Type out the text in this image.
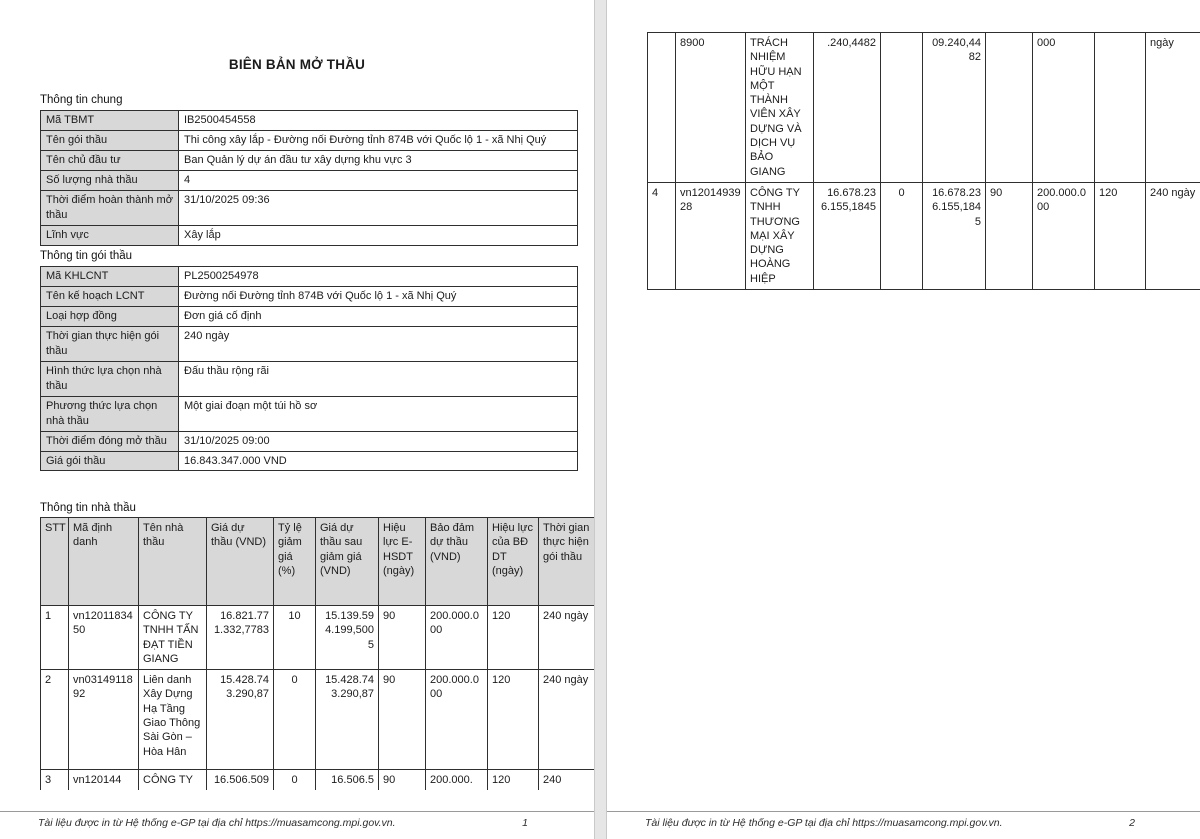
BIÊN BẢN MỞ THẦU
Thông tin chung
Mã TBMT	IB2500454558
Tên gói thầu	Thi công xây lắp - Đường nối Đường tỉnh 874B với Quốc lộ 1 - xã Nhị Quý
Tên chủ đầu tư	Ban Quản lý dự án đầu tư xây dựng khu vực 3
Số lượng nhà thầu	4
Thời điểm hoàn thành mở thầu	31/10/2025 09:36
Lĩnh vực	Xây lắp
Thông tin gói thầu
Mã KHLCNT	PL2500254978
Tên kế hoạch LCNT	Đường nối Đường tỉnh 874B với Quốc lộ 1 - xã Nhị Quý
Loại hợp đồng	Đơn giá cố định
Thời gian thực hiện gói thầu	240 ngày
Hình thức lựa chọn nhà thầu	Đấu thầu rộng rãi
Phương thức lựa chọn nhà thầu	Một giai đoạn một túi hồ sơ
Thời điểm đóng mở thầu	31/10/2025 09:00
Giá gói thầu	16.843.347.000 VND
Thông tin nhà thầu
STT	Mã định danh	Tên nhà thầu	Giá dự thầu (VND)	Tỷ lệ giảm giá (%)	Giá dự thầu sau giảm giá (VND)	Hiệu lực E-HSDT (ngày)	Bảo đảm dự thầu (VND)	Hiệu lực của BĐ DT (ngày)	Thời gian thực hiện gói thầu
1	vn1201183450	CÔNG TY TNHH TẤN ĐẠT TIỀN GIANG	16.821.771.332,7783	10	15.139.594.199,5005	90	200.000.000	120	240 ngày
2	vn0314911892	Liên danh Xây Dựng Hạ Tầng Giao Thông Sài Gòn – Hòa Hân	15.428.743.290,87	0	15.428.743.290,87	90	200.000.000	120	240 ngày
3	vn120144	CÔNG TY	16.506.509	0	16.506.5	90	200.000.	120	240
Tài liệu được in từ Hệ thống e-GP tại địa chỉ https://muasamcong.mpi.gov.vn.	1
	8900	TRÁCH NHIỆM HỮU HẠN MỘT THÀNH VIÊN XÂY DỰNG VÀ DỊCH VỤ BẢO GIANG	.240,4482		09.240,4482		000		ngày
4	vn1201493928	CÔNG TY TNHH THƯƠNG MẠI XÂY DỰNG HOÀNG HIỆP	16.678.236.155,1845	0	16.678.236.155,1845	90	200.000.000	120	240 ngày
Tài liệu được in từ Hệ thống e-GP tại địa chỉ https://muasamcong.mpi.gov.vn.	2
